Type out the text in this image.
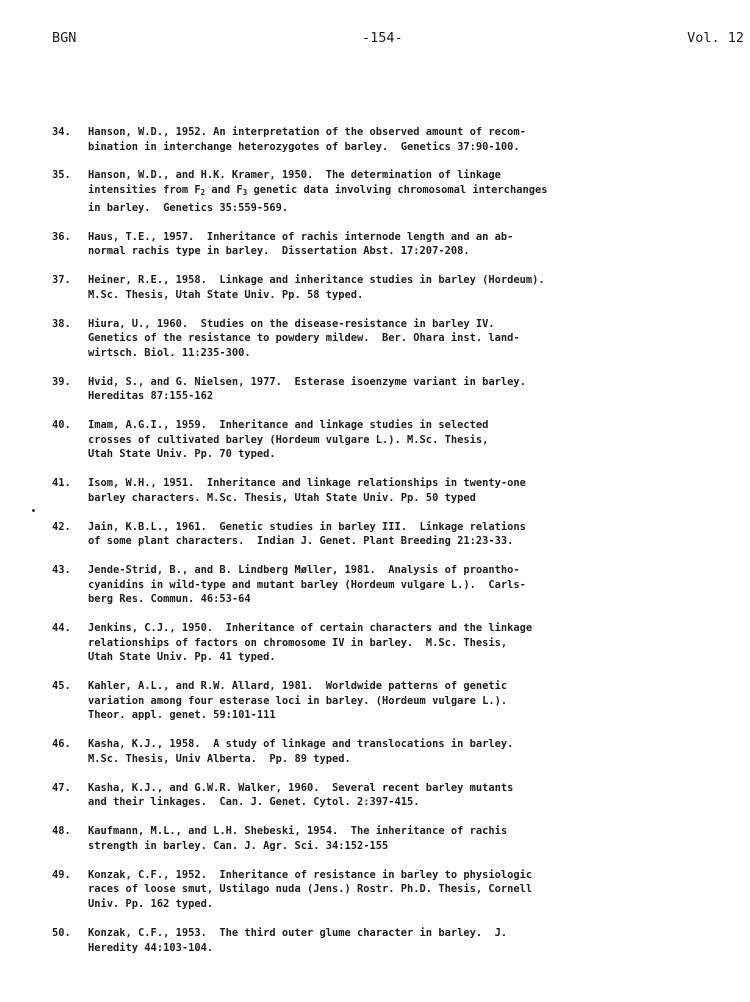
BGN	-154-	Vol. 12
34. Hanson, W.D., 1952. An interpretation of the observed amount of recom-
bination in interchange heterozygotes of barley.  Genetics 37:90-100.
35. Hanson, W.D., and H.K. Kramer, 1950.  The determination of linkage
intensities from $F_2$ and $F_3$ genetic data involving chromosomal interchanges
in barley.  Genetics 35:559-569.
36. Haus, T.E., 1957.  Inheritance of rachis internode length and an ab-
normal rachis type in barley.  Dissertation Abst. 17:207-208.
37. Heiner, R.E., 1958.  Linkage and inheritance studies in barley (Hordeum).
M.Sc. Thesis, Utah State Univ. Pp. 58 typed.
38. Hiura, U., 1960.  Studies on the disease-resistance in barley IV.
Genetics of the resistance to powdery mildew.  Ber. Ohara inst. land-
wirtsch. Biol. 11:235-300.
39. Hvid, S., and G. Nielsen, 1977.  Esterase isoenzyme variant in barley.
Hereditas 87:155-162
40. Imam, A.G.I., 1959.  Inheritance and linkage studies in selected
crosses of cultivated barley (Hordeum vulgare L.). M.Sc. Thesis,
Utah State Univ. Pp. 70 typed.
41. Isom, W.H., 1951.  Inheritance and linkage relationships in twenty-one
barley characters. M.Sc. Thesis, Utah State Univ. Pp. 50 typed
42. Jain, K.B.L., 1961.  Genetic studies in barley III.  Linkage relations
of some plant characters.  Indian J. Genet. Plant Breeding 21:23-33.
43. Jende-Strid, B., and B. Lindberg Møller, 1981.  Analysis of proantho-
cyanidins in wild-type and mutant barley (Hordeum vulgare L.).  Carls-
berg Res. Commun. 46:53-64
44. Jenkins, C.J., 1950.  Inheritance of certain characters and the linkage
relationships of factors on chromosome IV in barley.  M.Sc. Thesis,
Utah State Univ. Pp. 41 typed.
45. Kahler, A.L., and R.W. Allard, 1981.  Worldwide patterns of genetic
variation among four esterase loci in barley. (Hordeum vulgare L.).
Theor. appl. genet. 59:101-111
46. Kasha, K.J., 1958.  A study of linkage and translocations in barley.
M.Sc. Thesis, Univ Alberta.  Pp. 89 typed.
47. Kasha, K.J., and G.W.R. Walker, 1960.  Several recent barley mutants
and their linkages.  Can. J. Genet. Cytol. 2:397-415.
48. Kaufmann, M.L., and L.H. Shebeski, 1954.  The inheritance of rachis
strength in barley. Can. J. Agr. Sci. 34:152-155
49. Konzak, C.F., 1952.  Inheritance of resistance in barley to physiologic
races of loose smut, Ustilago nuda (Jens.) Rostr. Ph.D. Thesis, Cornell
Univ. Pp. 162 typed.
50. Konzak, C.F., 1953.  The third outer glume character in barley.  J.
Heredity 44:103-104.
